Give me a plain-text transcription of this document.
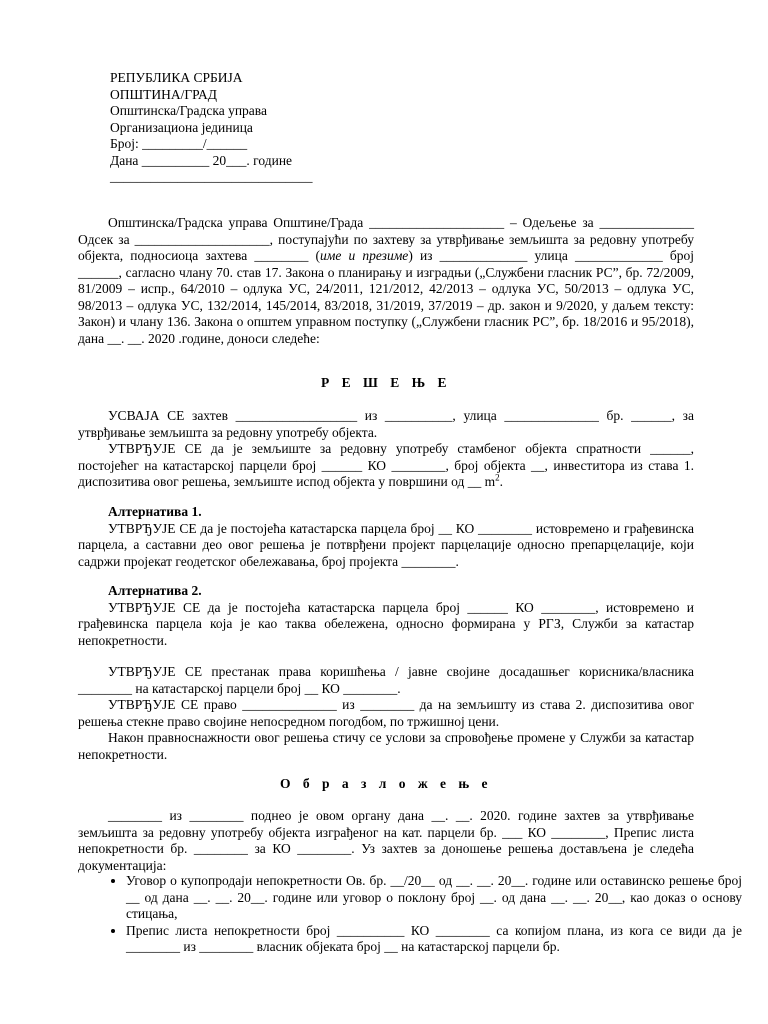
РЕПУБЛИКА СРБИЈА
ОПШТИНА/ГРАД
Општинска/Градска управа
Организациона јединица
Број: _________/______
Дана __________ 20___. године
______________________________
Општинска/Градска управа Општине/Града ____________________ – Одељење за ______________ Одсек за ____________________, поступајући по захтеву за утврђивање земљишта за редовну употребу објекта, подносиоца захтева ________ (име и презиме) из _____________ улица _____________ број ______, сагласно члану 70. став 17. Закона о планирању и изградњи („Службени гласник РС”, бр. 72/2009, 81/2009 – испр., 64/2010 – одлука УС, 24/2011, 121/2012, 42/2013 – одлука УС, 50/2013 – одлука УС, 98/2013 – одлука УС, 132/2014, 145/2014, 83/2018, 31/2019, 37/2019 – др. закон и 9/2020, у даљем тексту: Закон) и члану 136. Закона о општем управном поступку („Службени гласник РС”, бр. 18/2016 и 95/2018), дана __. __. 2020 .године, доноси следеће:
Р Е Ш Е Њ Е
УСВАЈА СЕ захтев __________________ из __________, улица ______________ бр. ______, за утврђивање земљишта за редовну употребу објекта.
УТВРЂУЈЕ СЕ да је земљиште за редовну употребу стамбеног објекта спратности ______, постојећег на катастарској парцели број ______ КО ________, број објекта __, инвеститора из става 1. диспозитива овог решења, земљиште испод објекта у површини од __ $m^2$.
Алтернатива 1.
УТВРЂУЈЕ СЕ да је постојећа катастарска парцела број __ КО ________ истовремено и грађевинска парцела, а саставни део овог решења је потврђени пројект парцелације односно препарцелације, који садржи пројекат геодетског обележавања, број пројекта ________.
Алтернатива 2.
УТВРЂУЈЕ СЕ да је постојећа катастарска парцела број ______ КО ________, истовремено и грађевинска парцела која је као таква обележена, односно формирана у РГЗ, Служби за катастар непокретности.
УТВРЂУЈЕ СЕ престанак права коришћења / јавне својине досадашњег корисника/власника ________ на катастарској парцели број __ КО ________.
УТВРЂУЈЕ СЕ право ______________ из ________ да на земљишту из става 2. диспозитива овог решења стекне право својине непосредном погодбом, по тржишној цени.
Након правноснажности овог решења стичу се услови за спровођење промене у Служби за катастар непокретности.
О б р а з л о ж е њ е
________ из ________ поднео је овом органу дана __. __. 2020. године захтев за утврђивање земљишта за редовну употребу објекта изграђеног на кат. парцели бр. ___ КО ________, Препис листа непокретности бр. ________ за КО ________. Уз захтев за доношење решења достављена је следећа документација:
• Уговор о купопродаји непокретности Ов. бр. __/20__ од __. __. 20__. године или оставинско решење број __ од дана __. __. 20__. године или уговор о поклону број __. од дана __. __. 20__, као доказ о основу стицања,
• Препис листа непокретности број __________ КО ________ са копијом плана, из кога се види да је ________ из ________ власник објеката број __ на катастарској парцели бр.
